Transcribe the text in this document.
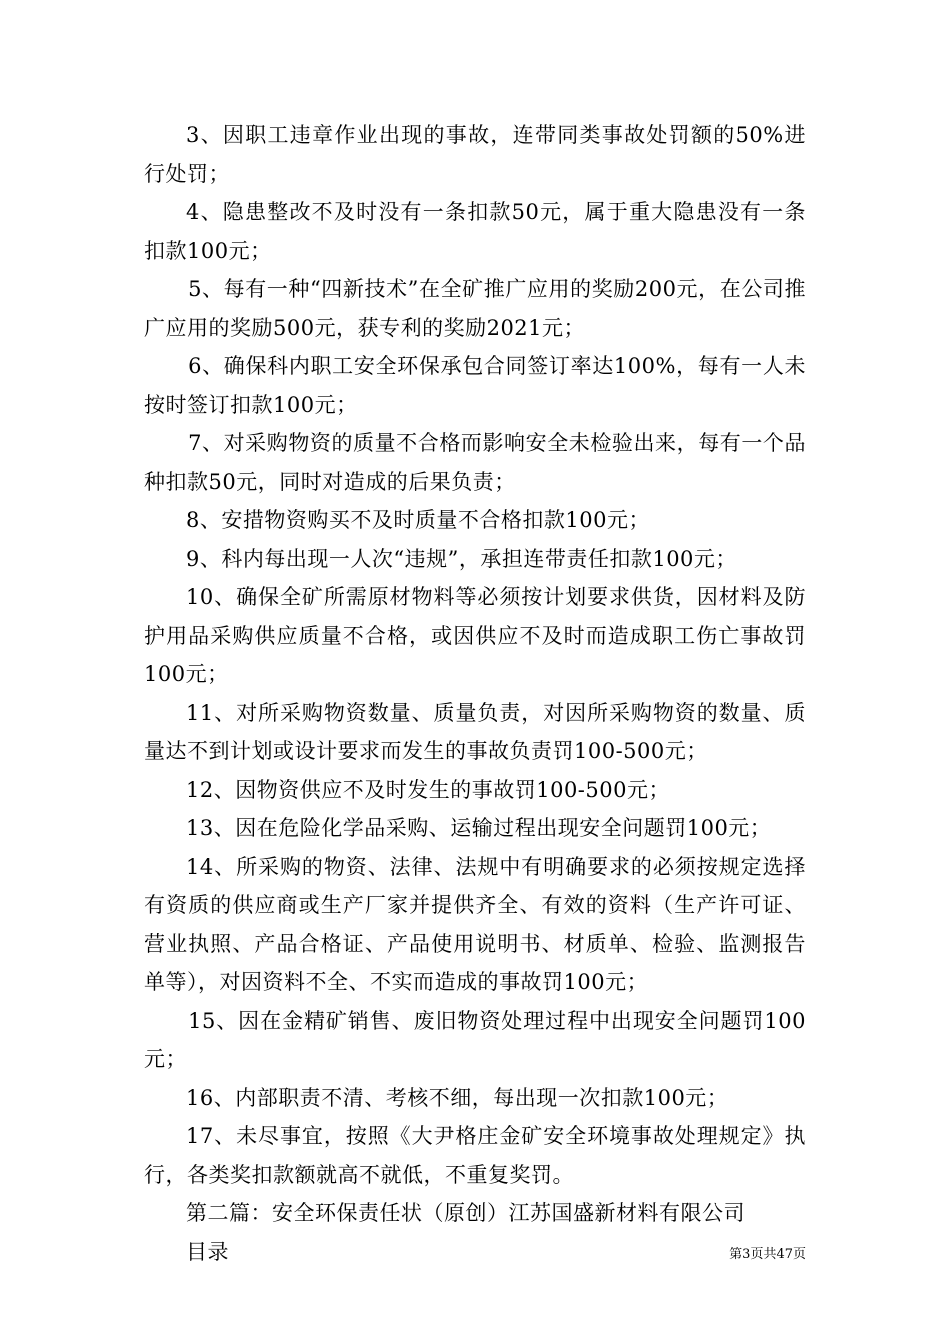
3、因职工违章作业出现的事故，连带同类事故处罚额的50%进行处罚；

4、隐患整改不及时没有一条扣款50元，属于重大隐患没有一条扣款100元；

5、每有一种“四新技术”在全矿推广应用的奖励200元，在公司推广应用的奖励500元，获专利的奖励2021元；

6、确保科内职工安全环保承包合同签订率达100%，每有一人未按时签订扣款100元；

7、对采购物资的质量不合格而影响安全未检验出来，每有一个品种扣款50元，同时对造成的后果负责；

8、安措物资购买不及时质量不合格扣款100元；

9、科内每出现一人次“违规”，承担连带责任扣款100元；

10、确保全矿所需原材物料等必须按计划要求供货，因材料及防护用品采购供应质量不合格，或因供应不及时而造成职工伤亡事故罚100元；

11、对所采购物资数量、质量负责，对因所采购物资的数量、质量达不到计划或设计要求而发生的事故负责罚100-500元；

12、因物资供应不及时发生的事故罚100-500元；

13、因在危险化学品采购、运输过程出现安全问题罚100元；

14、所采购的物资、法律、法规中有明确要求的必须按规定选择有资质的供应商或生产厂家并提供齐全、有效的资料（生产许可证、营业执照、产品合格证、产品使用说明书、材质单、检验、监测报告单等），对因资料不全、不实而造成的事故罚100元；

15、因在金精矿销售、废旧物资处理过程中出现安全问题罚100元；

16、内部职责不清、考核不细，每出现一次扣款100元；

17、未尽事宜，按照《大尹格庄金矿安全环境事故处理规定》执行，各类奖扣款额就高不就低，不重复奖罚。

第二篇：安全环保责任状（原创）江苏国盛新材料有限公司

目录	第3页共47页
